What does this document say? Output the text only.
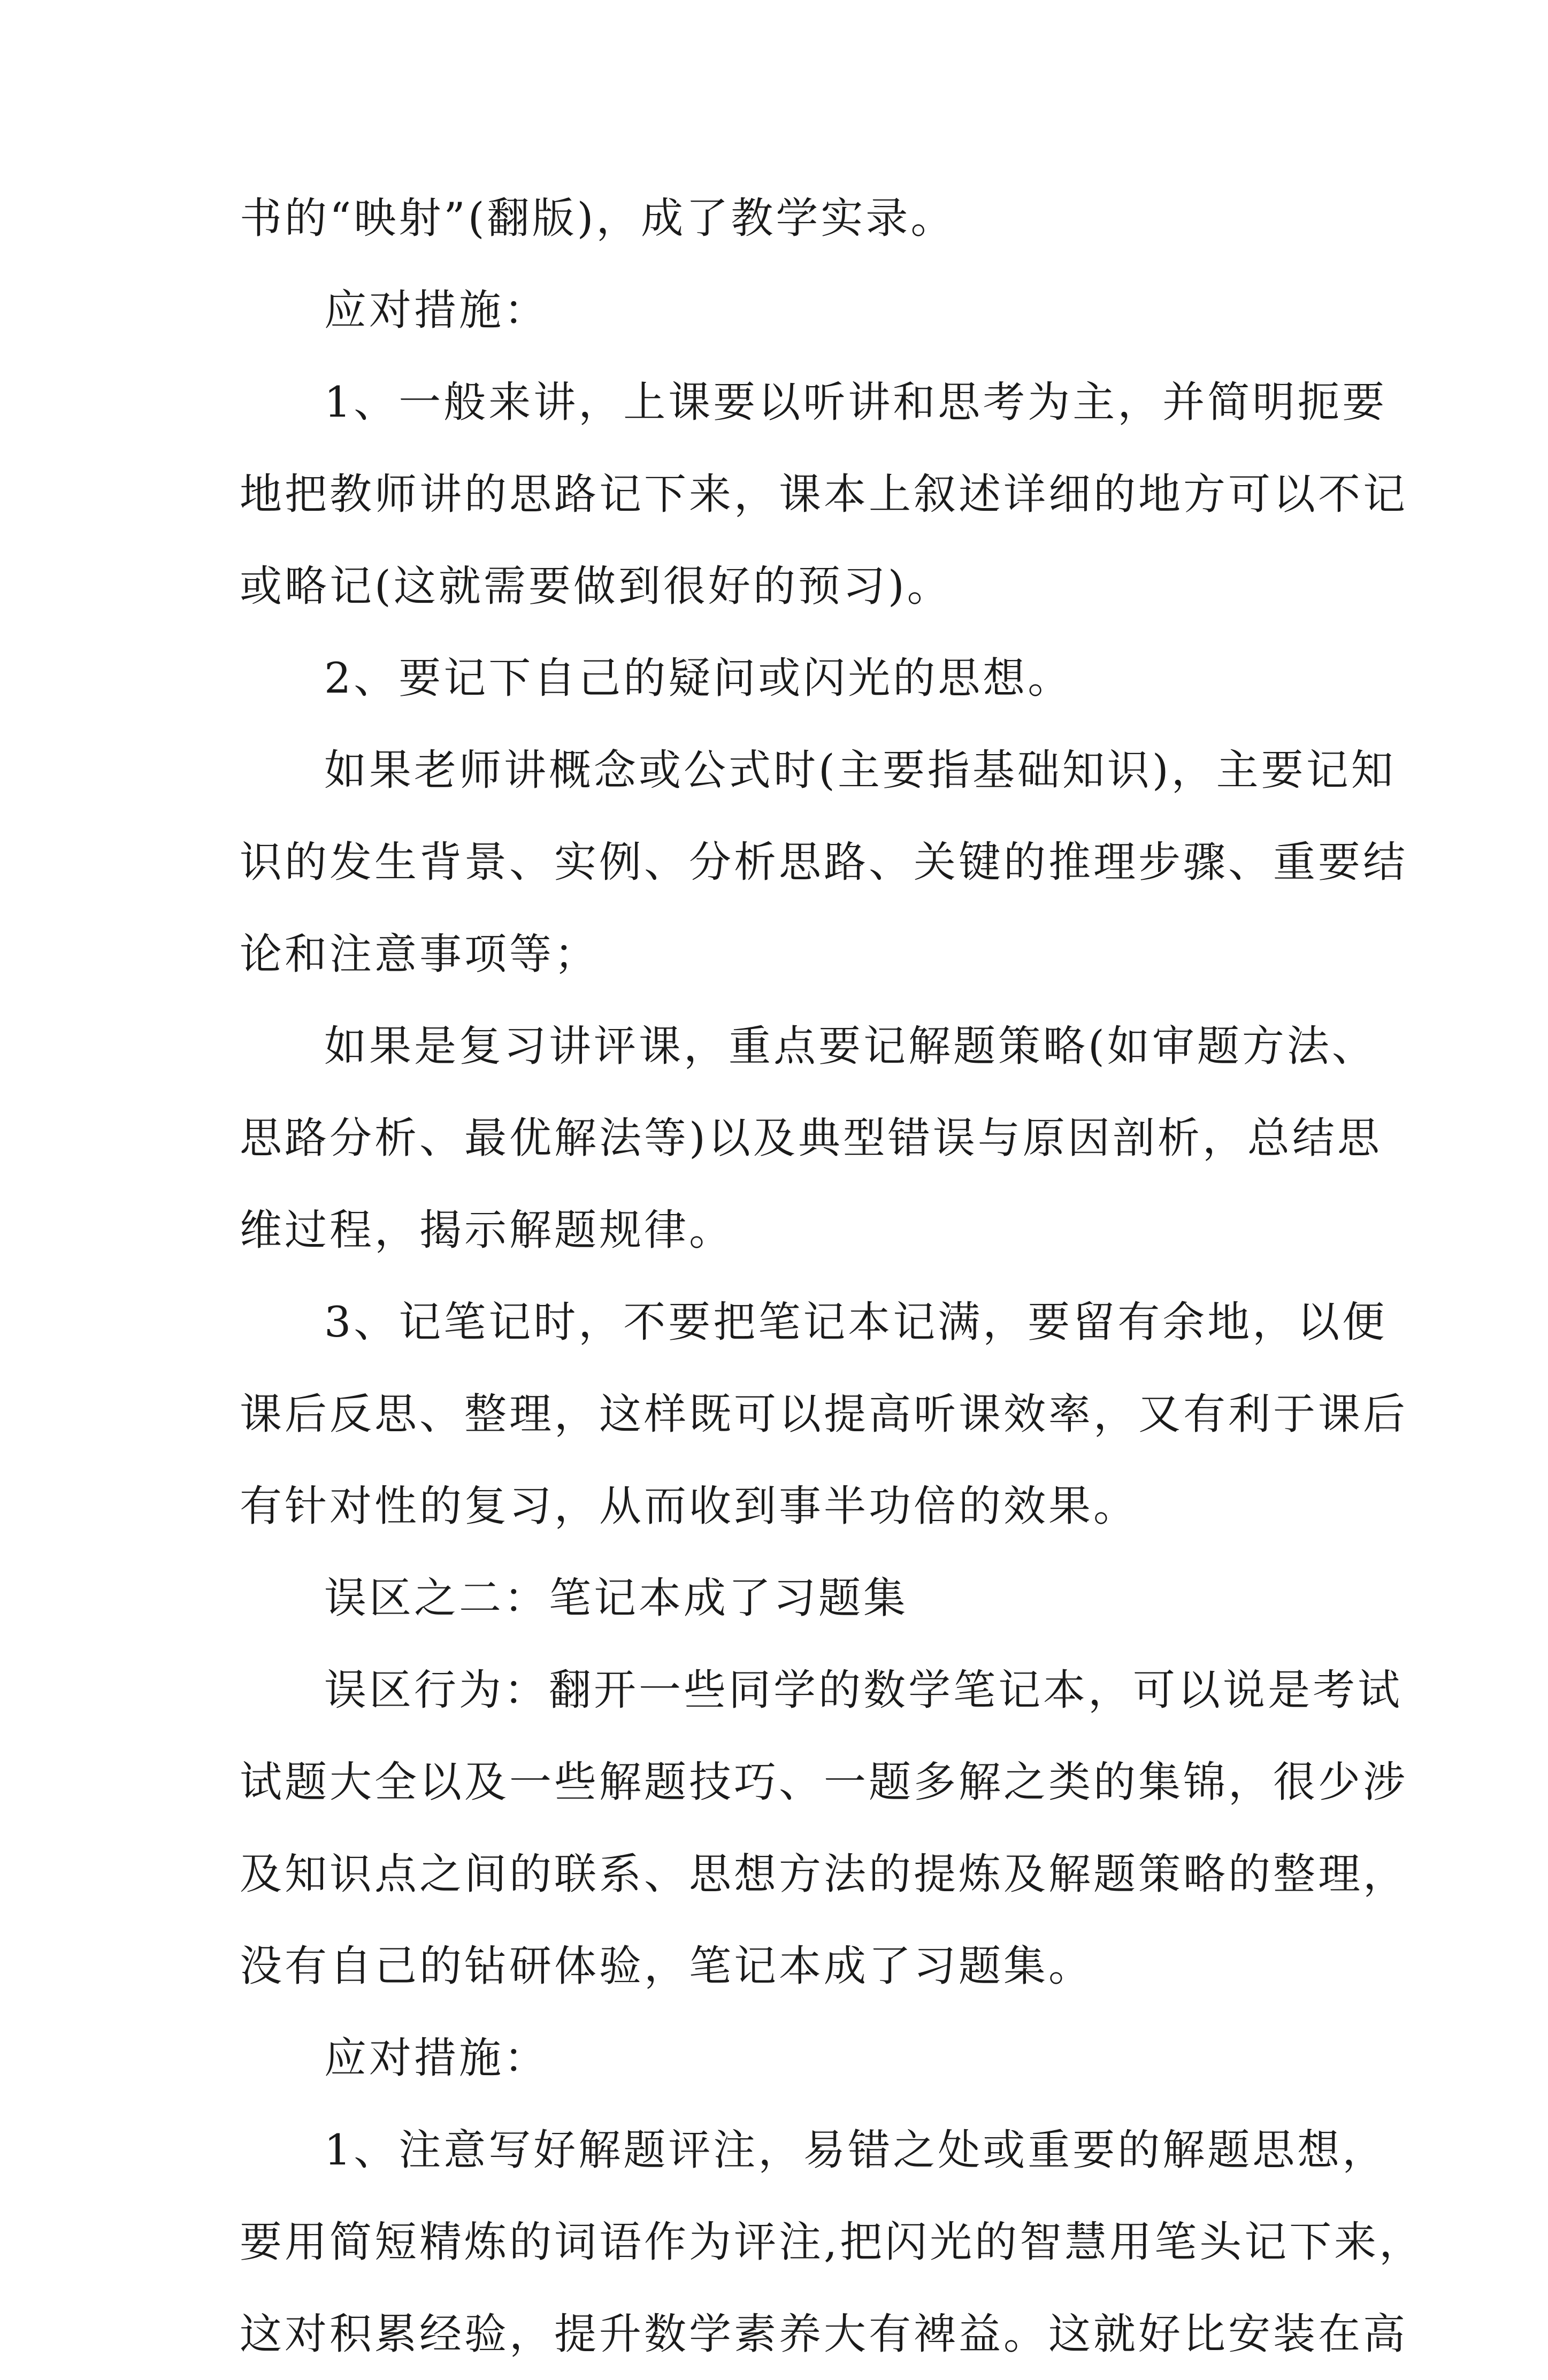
书的“映射”(翻版)，成了教学实录。
应对措施：
1、一般来讲，上课要以听讲和思考为主，并简明扼要
地把教师讲的思路记下来，课本上叙述详细的地方可以不记
或略记(这就需要做到很好的预习)。
2、要记下自己的疑问或闪光的思想。
如果老师讲概念或公式时(主要指基础知识)，主要记知
识的发生背景、实例、分析思路、关键的推理步骤、重要结
论和注意事项等；
如果是复习讲评课，重点要记解题策略(如审题方法、
思路分析、最优解法等)以及典型错误与原因剖析，总结思
维过程，揭示解题规律。
3、记笔记时，不要把笔记本记满，要留有余地，以便
课后反思、整理，这样既可以提高听课效率，又有利于课后
有针对性的复习，从而收到事半功倍的效果。
误区之二：笔记本成了习题集
误区行为：翻开一些同学的数学笔记本，可以说是考试
试题大全以及一些解题技巧、一题多解之类的集锦，很少涉
及知识点之间的联系、思想方法的提炼及解题策略的整理，
没有自己的钻研体验，笔记本成了习题集。
应对措施：
1、注意写好解题评注，易错之处或重要的解题思想，
要用简短精炼的词语作为评注,把闪光的智慧用笔头记下来，
这对积累经验，提升数学素养大有裨益。这就好比安装在高
